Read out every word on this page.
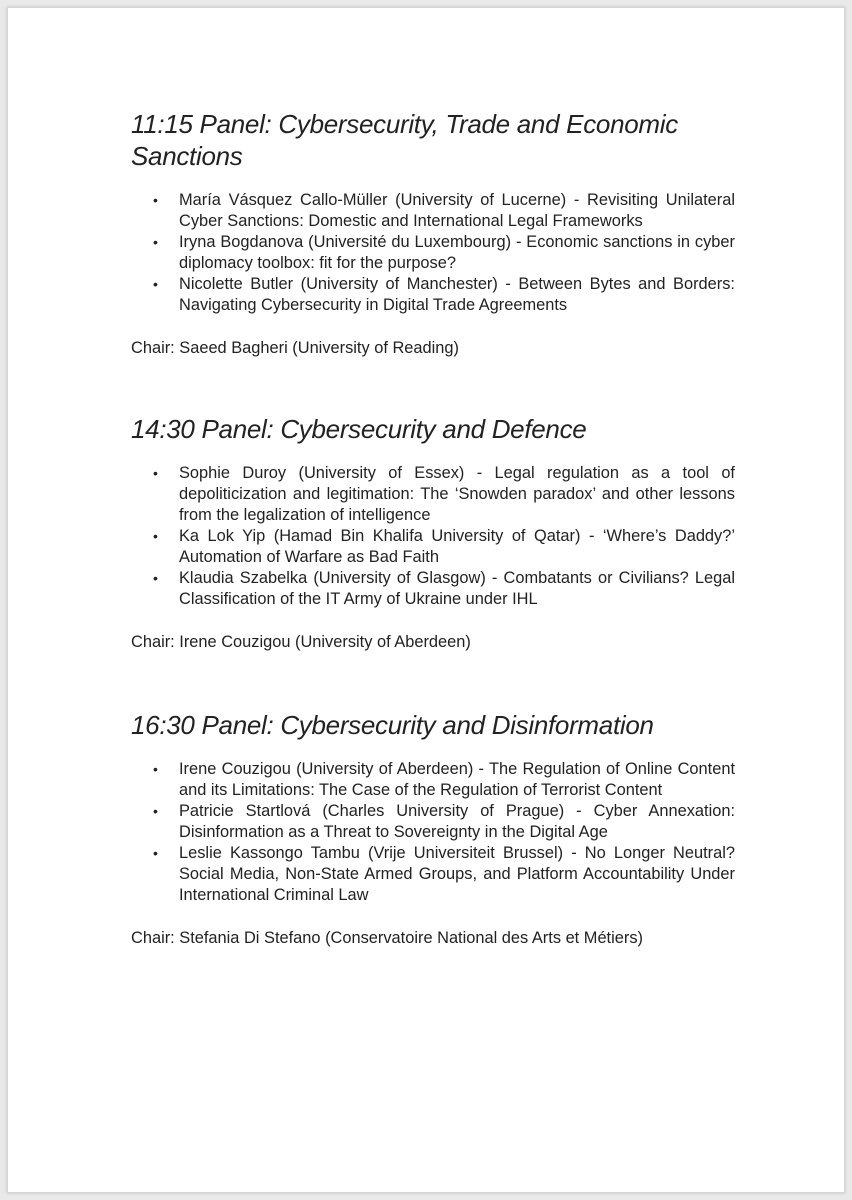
11:15 Panel: Cybersecurity, Trade and Economic Sanctions
•	María Vásquez Callo-Müller (University of Lucerne) - Revisiting Unilateral Cyber Sanctions: Domestic and International Legal Frameworks
•	Iryna Bogdanova (Université du Luxembourg) - Economic sanctions in cyber diplomacy toolbox: fit for the purpose?
•	Nicolette Butler (University of Manchester) - Between Bytes and Borders: Navigating Cybersecurity in Digital Trade Agreements

Chair: Saeed Bagheri (University of Reading)

14:30 Panel: Cybersecurity and Defence
•	Sophie Duroy (University of Essex) - Legal regulation as a tool of depoliticization and legitimation: The ‘Snowden paradox’ and other lessons from the legalization of intelligence
•	Ka Lok Yip (Hamad Bin Khalifa University of Qatar) - ‘Where’s Daddy?’ Automation of Warfare as Bad Faith
•	Klaudia Szabelka (University of Glasgow) - Combatants or Civilians? Legal Classification of the IT Army of Ukraine under IHL

Chair: Irene Couzigou (University of Aberdeen)

16:30 Panel: Cybersecurity and Disinformation
•	Irene Couzigou (University of Aberdeen) - The Regulation of Online Content and its Limitations: The Case of the Regulation of Terrorist Content
•	Patricie Startlová (Charles University of Prague) - Cyber Annexation: Disinformation as a Threat to Sovereignty in the Digital Age
•	Leslie Kassongo Tambu (Vrije Universiteit Brussel) - No Longer Neutral? Social Media, Non-State Armed Groups, and Platform Accountability Under International Criminal Law

Chair: Stefania Di Stefano (Conservatoire National des Arts et Métiers)
